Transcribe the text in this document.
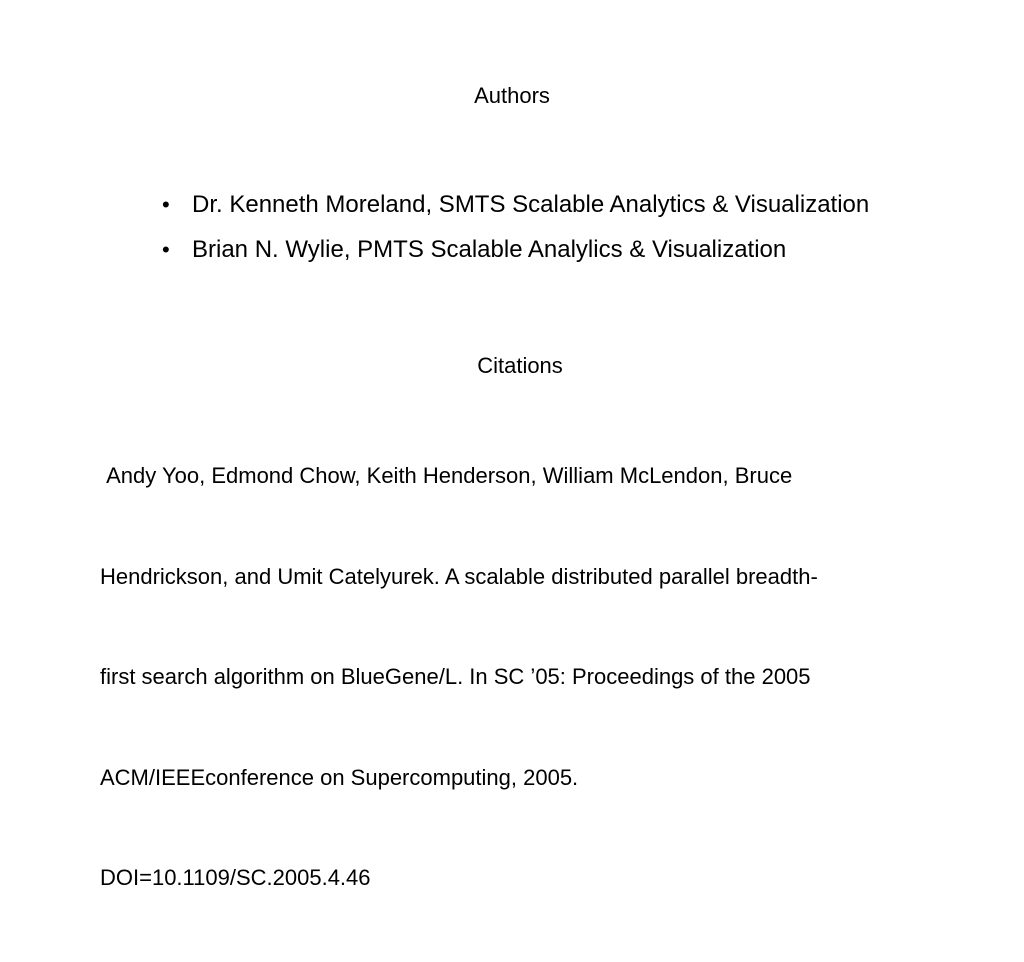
Authors
• Dr. Kenneth Moreland, SMTS Scalable Analytics & Visualization
• Brian N. Wylie, PMTS Scalable Analylics & Visualization
Citations

Andy Yoo, Edmond Chow, Keith Henderson, William McLendon, Bruce

Hendrickson, and Umit Catelyurek. A scalable distributed parallel breadth-

first search algorithm on BlueGene/L. In SC ’05: Proceedings of the 2005

ACM/IEEEconference on Supercomputing, 2005.

DOI=10.1109/SC.2005.4.46
